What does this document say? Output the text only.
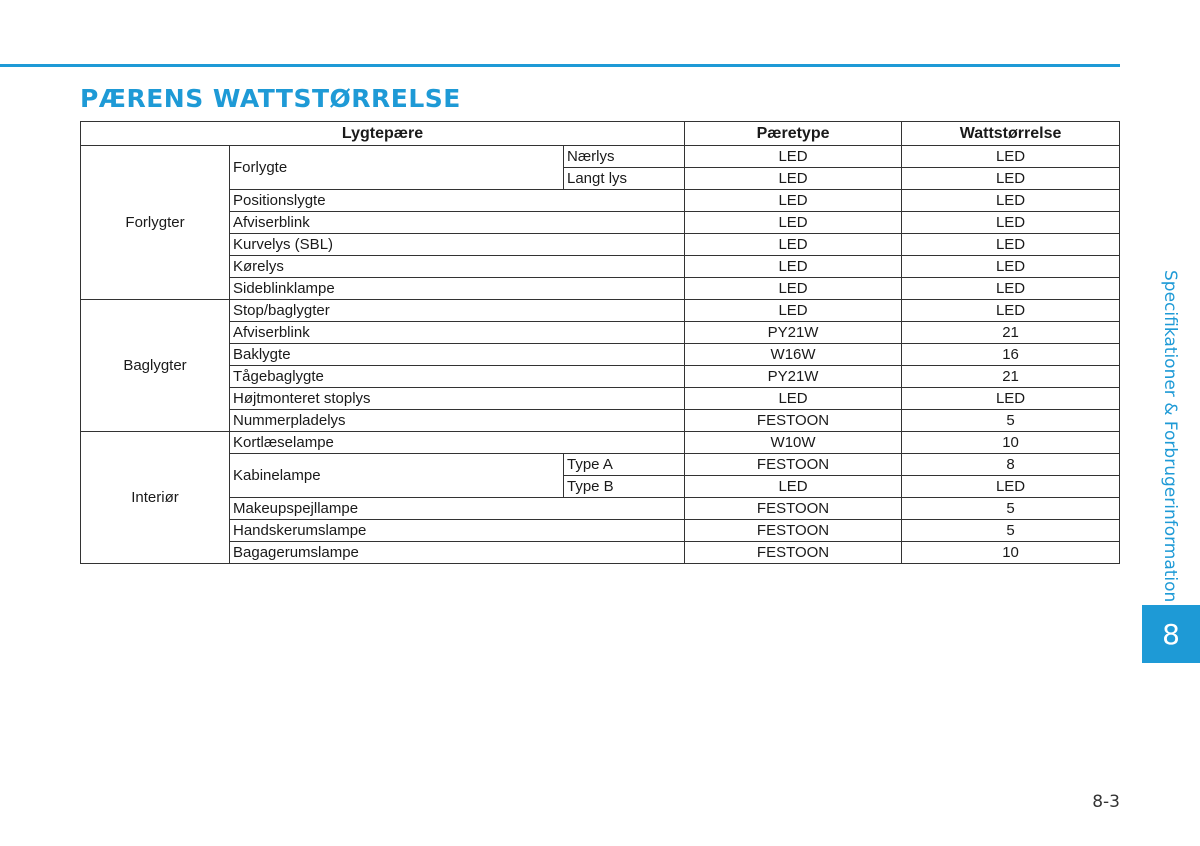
PÆRENS WATTSTØRRELSE
Lygtepære			Pæretype	Wattstørrelse
Forlygter	Forlygte	Nærlys	LED	LED
		Langt lys	LED	LED
	Positionslygte		LED	LED
	Afviserblink		LED	LED
	Kurvelys (SBL)		LED	LED
	Kørelys		LED	LED
	Sideblinklampe		LED	LED
Baglygter	Stop/baglygter		LED	LED
	Afviserblink		PY21W	21
	Baklygte		W16W	16
	Tågebaglygte		PY21W	21
	Højtmonteret stoplys		LED	LED
	Nummerpladelys		FESTOON	5
Interiør	Kortlæselampe		W10W	10
	Kabinelampe	Type A	FESTOON	8
		Type B	LED	LED
	Makeupspejllampe		FESTOON	5
	Handskerumslampe		FESTOON	5
	Bagagerumslampe		FESTOON	10	Specifikationer & Forbrugerinformation
8
8-3
